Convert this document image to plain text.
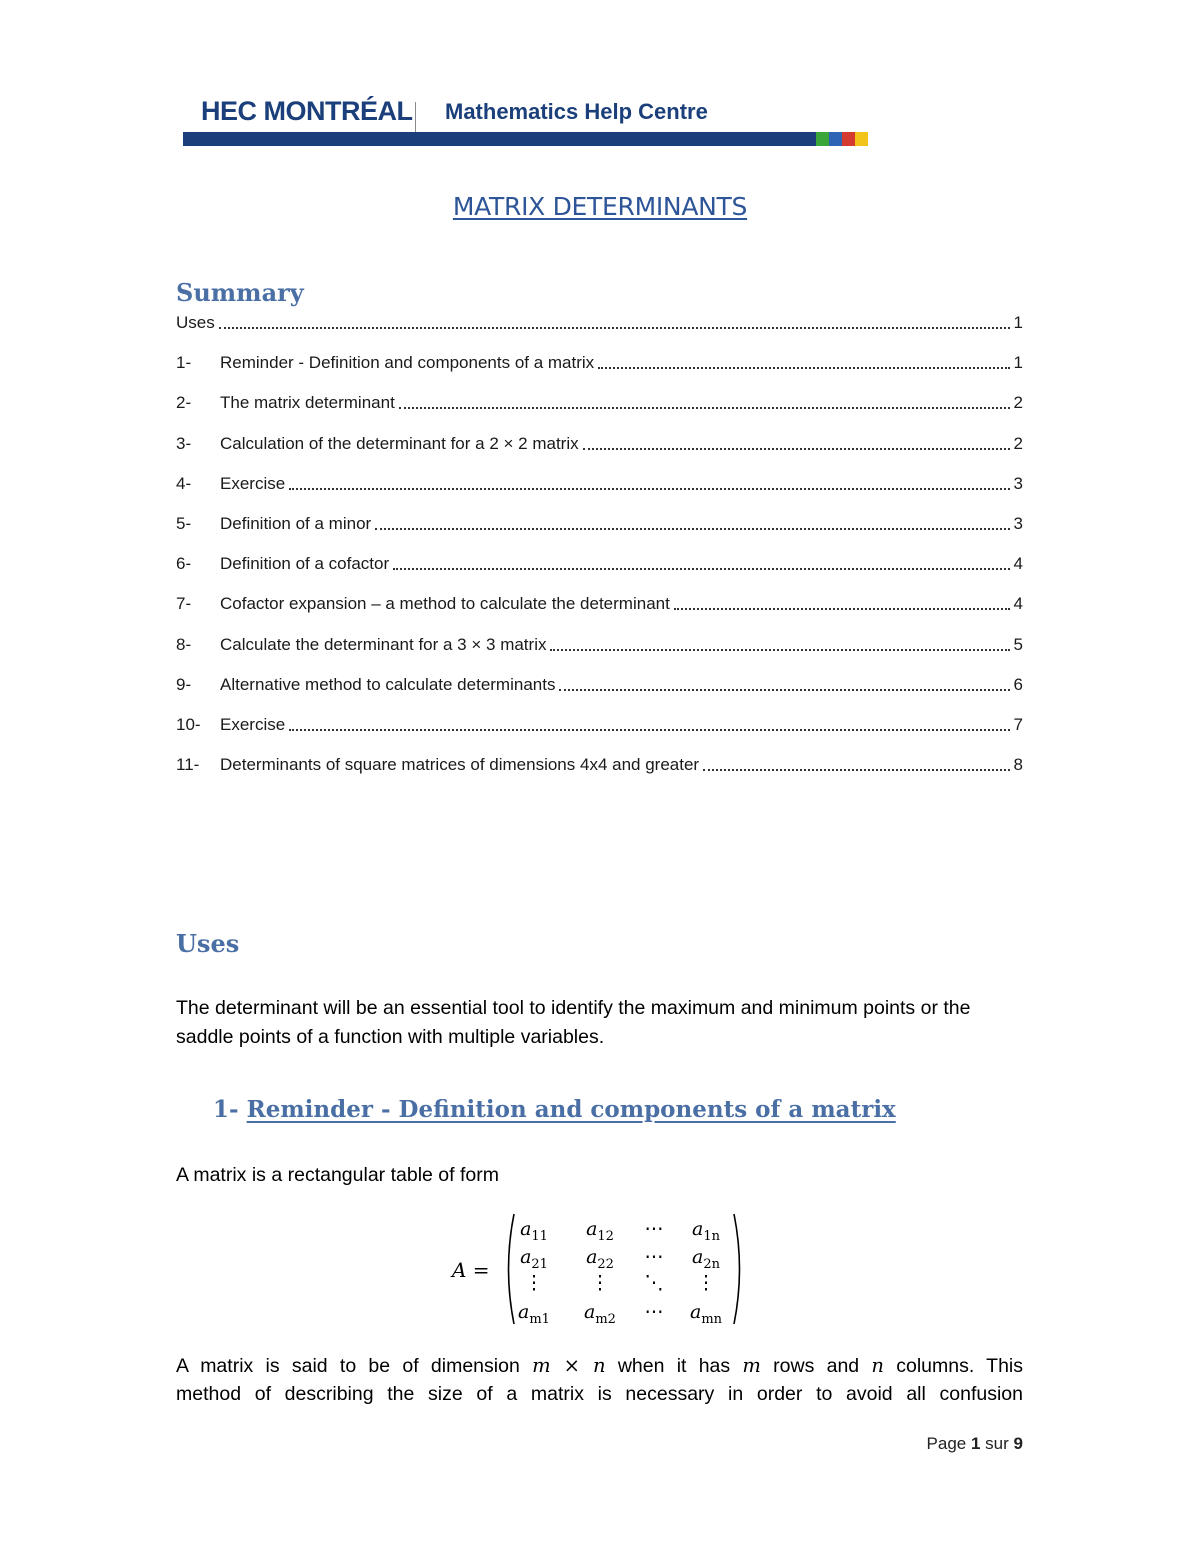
HEC MONTRÉAL Mathematics Help Centre
MATRIX DETERMINANTS
Summary
Uses	1
1-	Reminder - Definition and components of a matrix	1
2-	The matrix determinant	2
3-	Calculation of the determinant for a 2 × 2 matrix	2
4-	Exercise	3
5-	Definition of a minor	3
6-	Definition of a cofactor	4
7-	Cofactor expansion – a method to calculate the determinant	4
8-	Calculate the determinant for a 3 × 3 matrix	5
9-	Alternative method to calculate determinants	6
10-	Exercise	7
11-	Determinants of square matrices of dimensions 4x4 and greater	8
Uses
The determinant will be an essential tool to identify the maximum and minimum points or the saddle points of a function with multiple variables.
1- Reminder - Definition and components of a matrix
A matrix is a rectangular table of form
A =
$a_{11}$	$a_{12}$	⋯	$a_{1n}$
$a_{21}$	$a_{22}$	⋯	$a_{2n}$
⋮	⋮	⋱	⋮
$a_{m1}$	$a_{m2}$	⋯	$a_{mn}$
A matrix is said to be of dimension m × n when it has m rows and n columns. This
method of describing the size of a matrix is necessary in order to avoid all confusion
Page 1 sur 9
